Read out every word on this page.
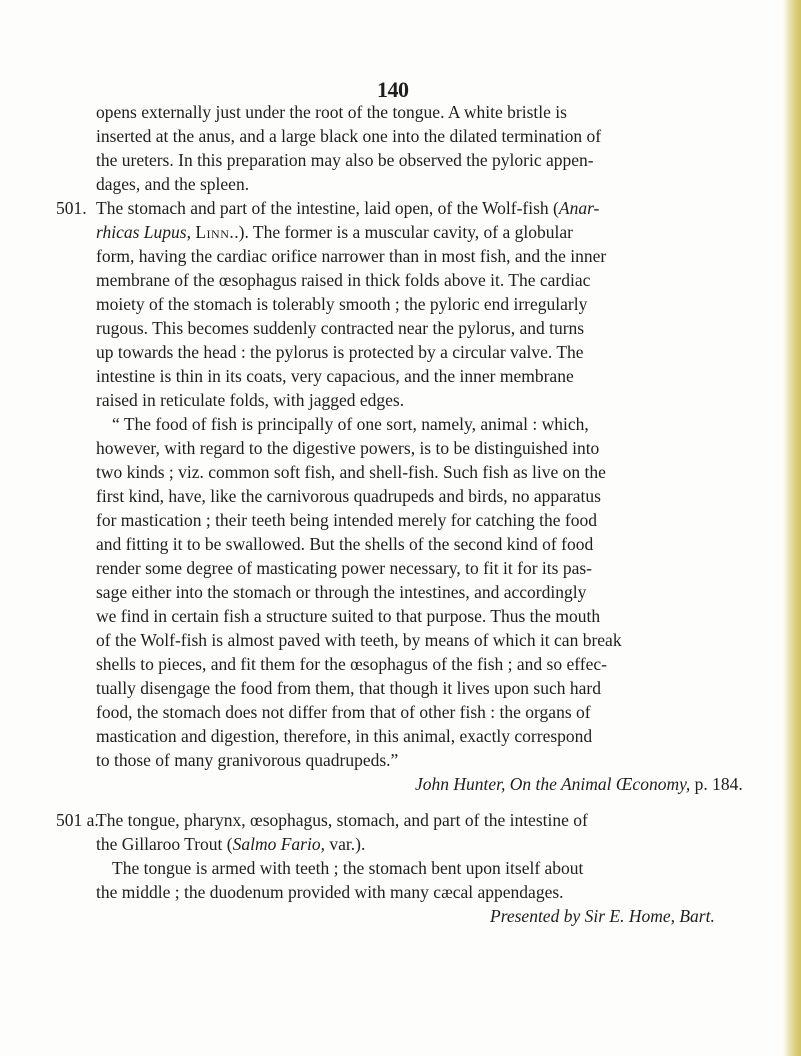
140
opens externally just under the root of the tongue. A white bristle is
inserted at the anus, and a large black one into the dilated termination of
the ureters. In this preparation may also be observed the pyloric appen-
dages, and the spleen.
501. The stomach and part of the intestine, laid open, of the Wolf-fish (Anar-
rhicas Lupus, Linn..). The former is a muscular cavity, of a globular
form, having the cardiac orifice narrower than in most fish, and the inner
membrane of the œsophagus raised in thick folds above it. The cardiac
moiety of the stomach is tolerably smooth ; the pyloric end irregularly
rugous. This becomes suddenly contracted near the pylorus, and turns
up towards the head : the pylorus is protected by a circular valve. The
intestine is thin in its coats, very capacious, and the inner membrane
raised in reticulate folds, with jagged edges.
“ The food of fish is principally of one sort, namely, animal : which,
however, with regard to the digestive powers, is to be distinguished into
two kinds ; viz. common soft fish, and shell-fish. Such fish as live on the
first kind, have, like the carnivorous quadrupeds and birds, no apparatus
for mastication ; their teeth being intended merely for catching the food
and fitting it to be swallowed. But the shells of the second kind of food
render some degree of masticating power necessary, to fit it for its pas-
sage either into the stomach or through the intestines, and accordingly
we find in certain fish a structure suited to that purpose. Thus the mouth
of the Wolf-fish is almost paved with teeth, by means of which it can break
shells to pieces, and fit them for the œsophagus of the fish ; and so effec-
tually disengage the food from them, that though it lives upon such hard
food, the stomach does not differ from that of other fish : the organs of
mastication and digestion, therefore, in this animal, exactly correspond
to those of many granivorous quadrupeds.”
John Hunter, On the Animal Œconomy, p. 184.
501 a.
The tongue, pharynx, œsophagus, stomach, and part of the intestine of
the Gillaroo Trout (Salmo Fario, var.).
The tongue is armed with teeth ; the stomach bent upon itself about
the middle ; the duodenum provided with many cæcal appendages.
Presented by Sir E. Home, Bart.
